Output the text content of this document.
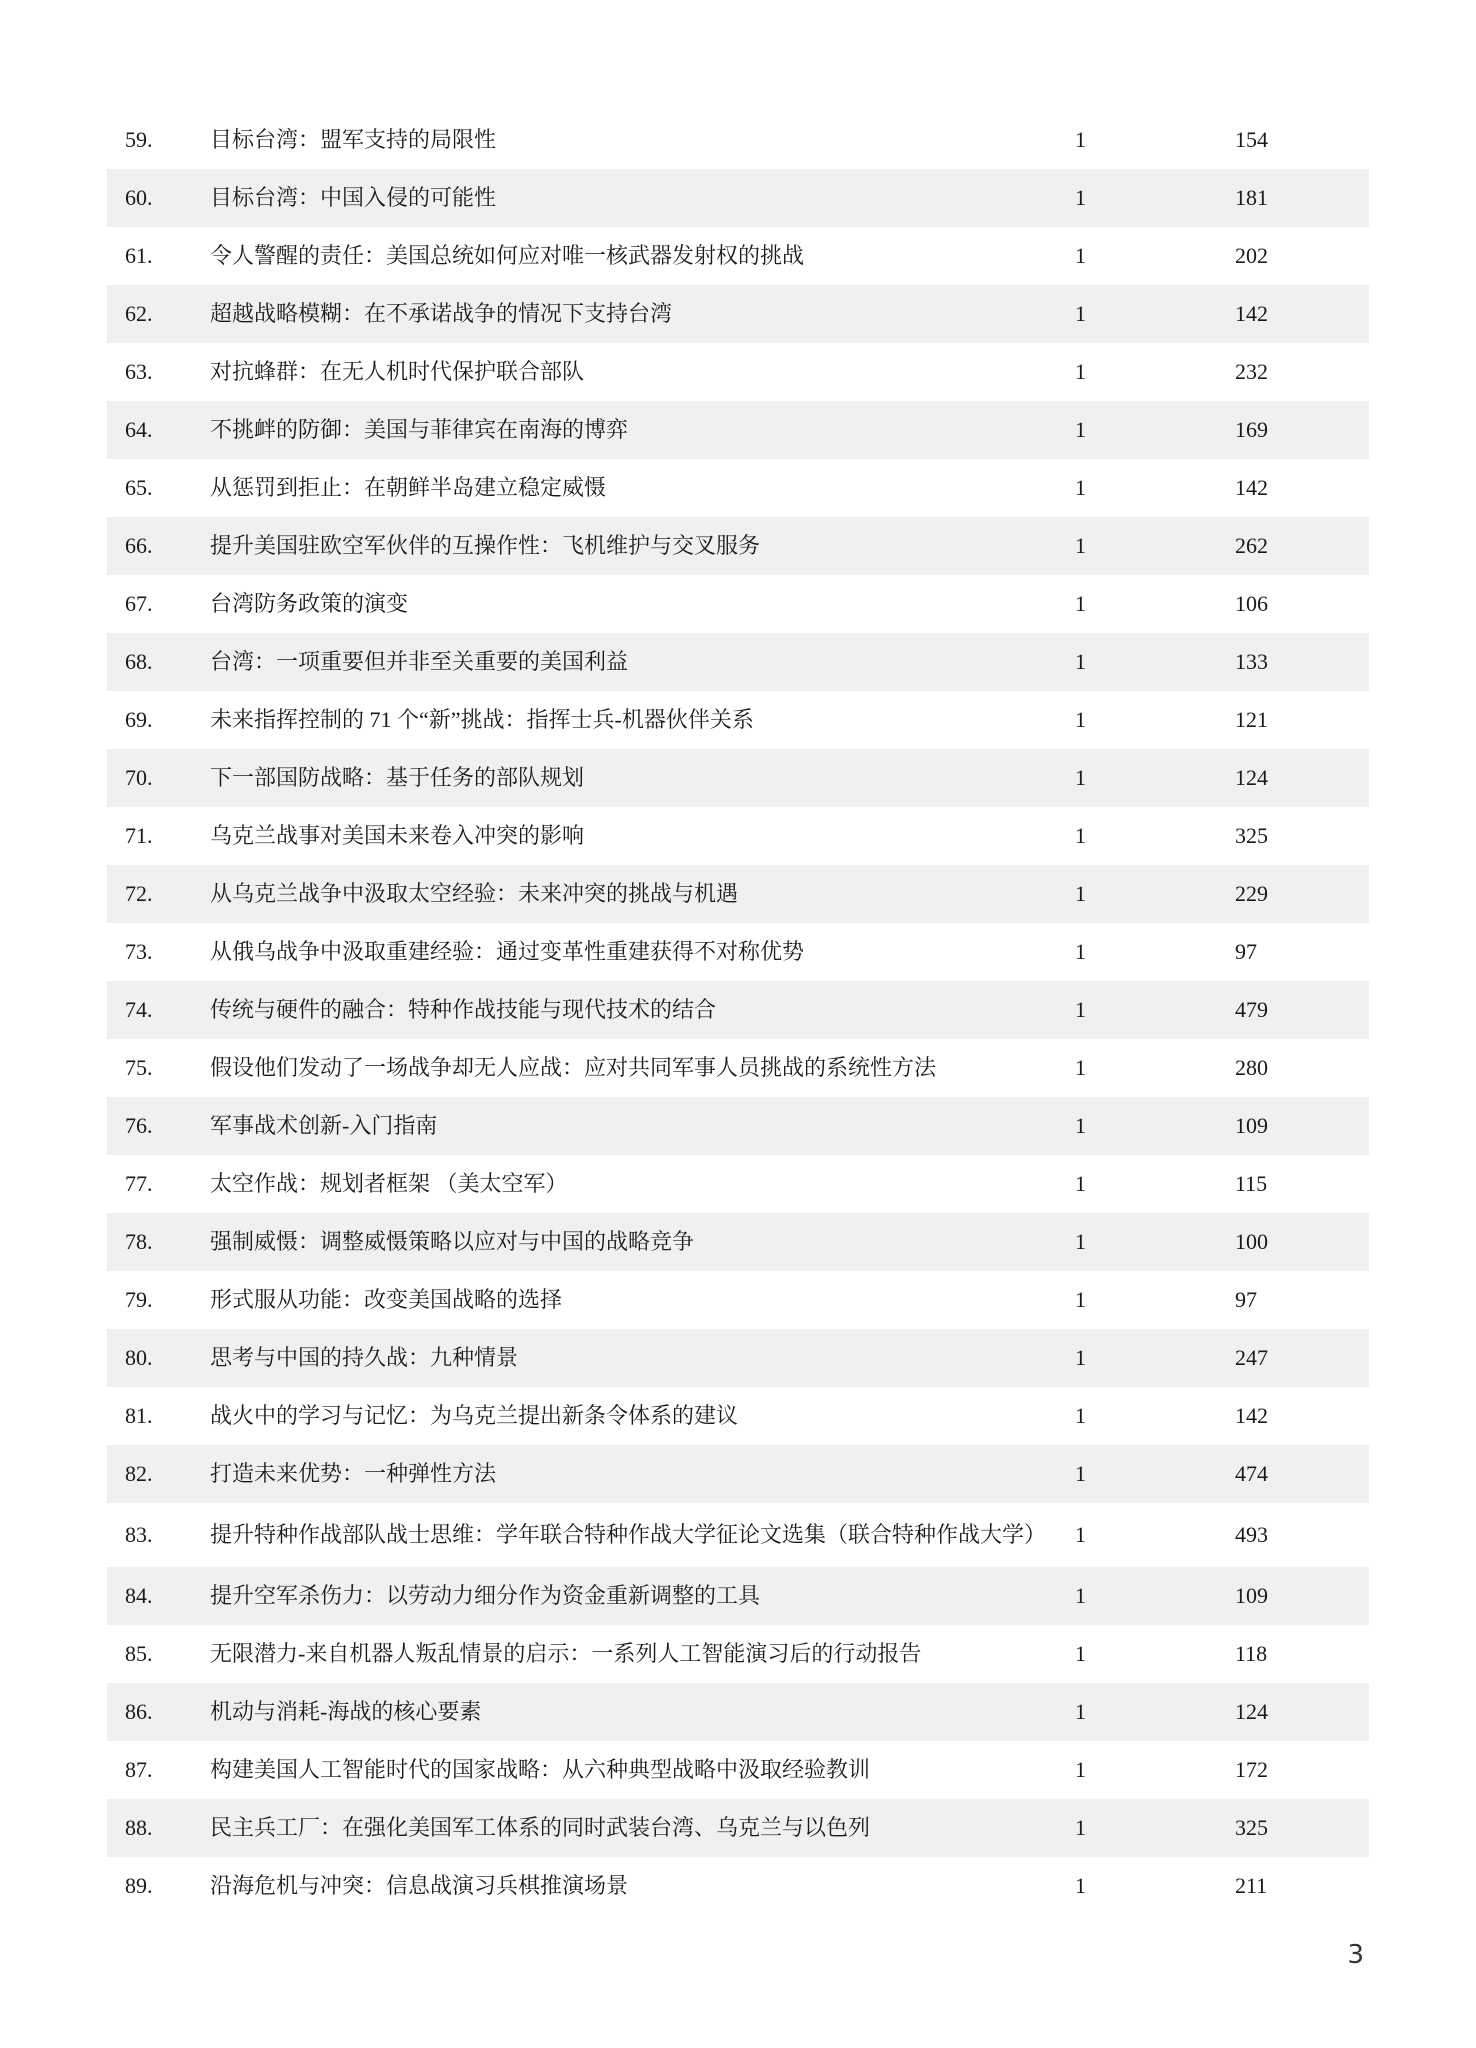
59.	目标台湾：盟军支持的局限性	1	154
60.	目标台湾：中国入侵的可能性	1	181
61.	令人警醒的责任：美国总统如何应对唯一核武器发射权的挑战	1	202
62.	超越战略模糊：在不承诺战争的情况下支持台湾	1	142
63.	对抗蜂群：在无人机时代保护联合部队	1	232
64.	不挑衅的防御：美国与菲律宾在南海的博弈	1	169
65.	从惩罚到拒止：在朝鲜半岛建立稳定威慑	1	142
66.	提升美国驻欧空军伙伴的互操作性：飞机维护与交叉服务	1	262
67.	台湾防务政策的演变	1	106
68.	台湾：一项重要但并非至关重要的美国利益	1	133
69.	未来指挥控制的 71 个“新”挑战：指挥士兵-机器伙伴关系	1	121
70.	下一部国防战略：基于任务的部队规划	1	124
71.	乌克兰战事对美国未来卷入冲突的影响	1	325
72.	从乌克兰战争中汲取太空经验：未来冲突的挑战与机遇	1	229
73.	从俄乌战争中汲取重建经验：通过变革性重建获得不对称优势	1	97
74.	传统与硬件的融合：特种作战技能与现代技术的结合	1	479
75.	假设他们发动了一场战争却无人应战：应对共同军事人员挑战的系统性方法	1	280
76.	军事战术创新-入门指南	1	109
77.	太空作战：规划者框架 （美太空军）	1	115
78.	强制威慑：调整威慑策略以应对与中国的战略竞争	1	100
79.	形式服从功能：改变美国战略的选择	1	97
80.	思考与中国的持久战：九种情景	1	247
81.	战火中的学习与记忆：为乌克兰提出新条令体系的建议	1	142
82.	打造未来优势：一种弹性方法	1	474
83.	提升特种作战部队战士思维：学年联合特种作战大学征论文选集（联合特种作战大学）	1	493
84.	提升空军杀伤力：以劳动力细分作为资金重新调整的工具	1	109
85.	无限潜力-来自机器人叛乱情景的启示：一系列人工智能演习后的行动报告	1	118
86.	机动与消耗-海战的核心要素	1	124
87.	构建美国人工智能时代的国家战略：从六种典型战略中汲取经验教训	1	172
88.	民主兵工厂：在强化美国军工体系的同时武装台湾、乌克兰与以色列	1	325
89.	沿海危机与冲突：信息战演习兵棋推演场景	1	211
3
